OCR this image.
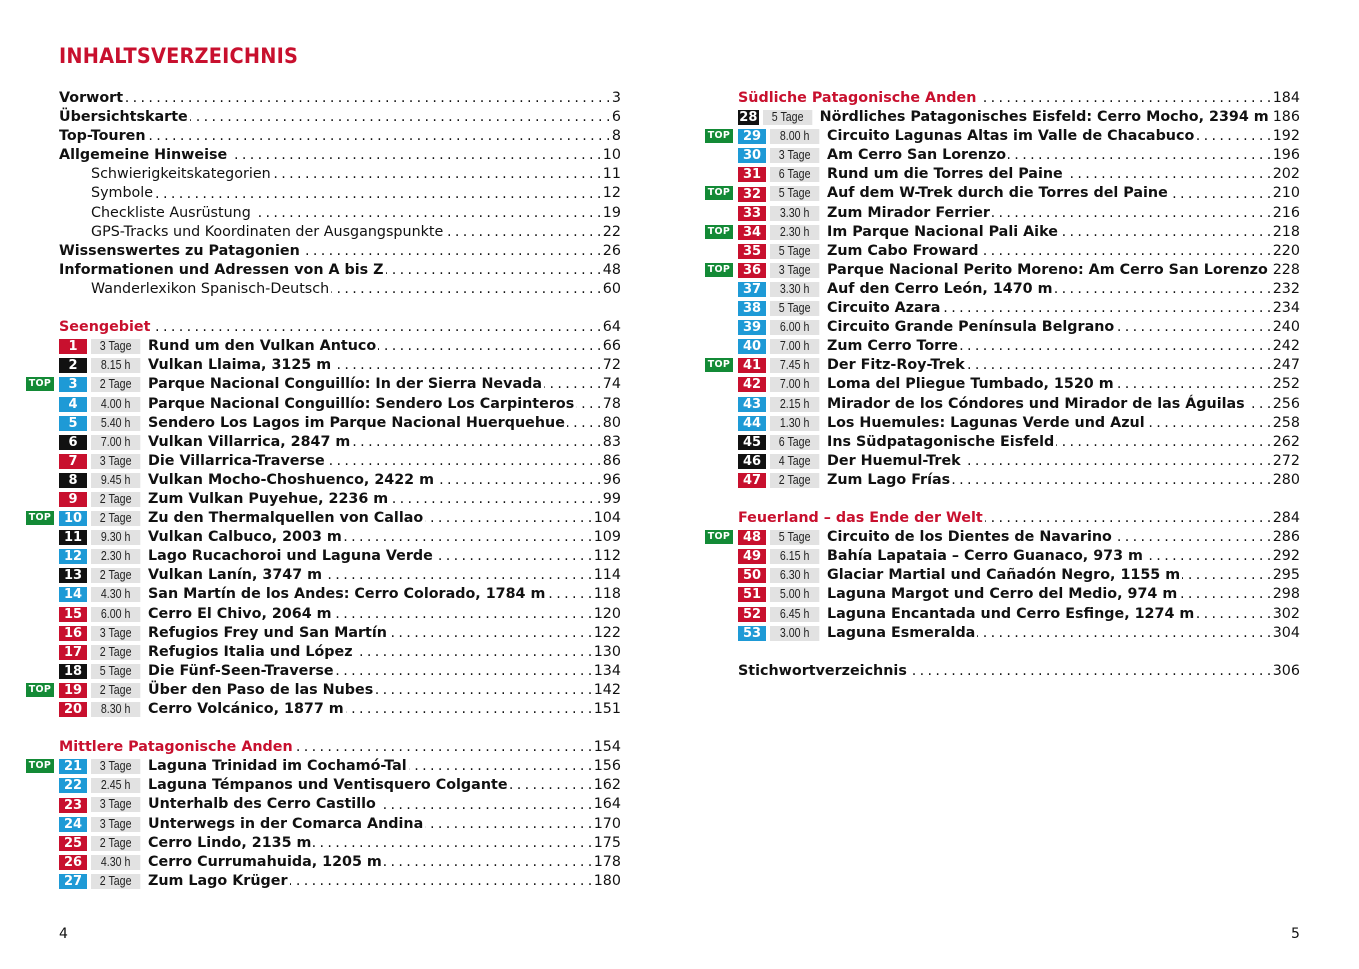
INHALTSVERZEICHNIS
Vorwort . . .	3
Übersichtskarte . . .	6
Top-Touren . . .	8
Allgemeine Hinweise . . .	10
Schwierigkeitskategorien . . .	11
Symbole . . .	12
Checkliste Ausrüstung . . .	19
GPS-Tracks und Koordinaten der Ausgangspunkte . . .	22
Wissenswertes zu Patagonien . . .	26
Informationen und Adressen von A bis Z . . .	48
Wanderlexikon Spanisch-Deutsch . . .	60
Seengebiet . . .	64
1	3 Tage	Rund um den Vulkan Antuco . . .	66
2	8.15 h	Vulkan Llaima, 3125 m . . .	72
TOP	3	2 Tage	Parque Nacional Conguillío: In der Sierra Nevada . . .	74
4	4.00 h	Parque Nacional Conguillío: Sendero Los Carpinteros . . . 78
5	5.40 h	Sendero Los Lagos im Parque Nacional Huerquehue . . .	80
6	7.00 h	Vulkan Villarrica, 2847 m . . .	83
7	3 Tage	Die Villarrica-Traverse . . .	86
8	9.45 h	Vulkan Mocho-Choshuenco, 2422 m . . .	96
9	2 Tage	Zum Vulkan Puyehue, 2236 m . . .	99
TOP 10	2 Tage	Zu den Thermalquellen von Callao . . .	104
11	9.30 h	Vulkan Calbuco, 2003 m . . .	109
12	2.30 h	Lago Rucachoroi und Laguna Verde . . .	112
13	2 Tage	Vulkan Lanín, 3747 m . . .	114
14	4.30 h	San Martín de los Andes: Cerro Colorado, 1784 m . . .	118
15	6.00 h	Cerro El Chivo, 2064 m . . .	120
16	3 Tage	Refugios Frey und San Martín . . .	122
17	2 Tage	Refugios Italia und López . . .	130
18	5 Tage	Die Fünf-Seen-Traverse . . .	134
TOP 19	2 Tage	Über den Paso de las Nubes . . .	142
20	8.30 h	Cerro Volcánico, 1877 m . . .	151
Mittlere Patagonische Anden . . .	154
TOP 21	3 Tage	Laguna Trinidad im Cochamó-Tal . . .	156
22	2.45 h	Laguna Témpanos und Ventisquero Colgante . . .	162
23	3 Tage	Unterhalb des Cerro Castillo . . .	164
24	3 Tage	Unterwegs in der Comarca Andina . . .	170
25	2 Tage	Cerro Lindo, 2135 m . . .	175
26	4.30 h	Cerro Currumahuida, 1205 m . . .	178
27	2 Tage	Zum Lago Krüger . . .	180
4
Südliche Patagonische Anden . . .	184
28	5 Tage	Nördliches Patagonisches Eisfeld: Cerro Mocho, 2394 m 186
TOP 29	8.00 h	Circuito Lagunas Altas im Valle de Chacabuco . . .	192
30	3 Tage	Am Cerro San Lorenzo . . .	196
31	6 Tage	Rund um die Torres del Paine . . .	202
TOP 32	5 Tage	Auf dem W-Trek durch die Torres del Paine . . .	210
33	3.30 h	Zum Mirador Ferrier . . .	216
TOP 34	2.30 h	Im Parque Nacional Pali Aike . . .	218
35	5 Tage	Zum Cabo Froward . . .	220
TOP 36	3 Tage	Parque Nacional Perito Moreno: Am Cerro San Lorenzo . . . 228
37	3.30 h	Auf den Cerro León, 1470 m . . .	232
38	5 Tage	Circuito Azara . . .	234
39	6.00 h	Circuito Grande Península Belgrano . . .	240
40	7.00 h	Zum Cerro Torre . . .	242
TOP 41	7.45 h	Der Fitz-Roy-Trek . . .	247
42	7.00 h	Loma del Pliegue Tumbado, 1520 m . . .	252
43	2.15 h	Mirador de los Cóndores und Mirador de las Águilas . . . 256
44	1.30 h	Los Huemules: Lagunas Verde und Azul . . .	258
45	6 Tage	Ins Südpatagonische Eisfeld . . .	262
46	4 Tage	Der Huemul-Trek . . .	272
47	2 Tage	Zum Lago Frías . . .	280
Feuerland – das Ende der Welt . . .	284
TOP 48	5 Tage	Circuito de los Dientes de Navarino . . .	286
49	6.15 h	Bahía Lapataia – Cerro Guanaco, 973 m . . .	292
50	6.30 h	Glaciar Martial und Cañadón Negro, 1155 m . . .	295
51	5.00 h	Laguna Margot und Cerro del Medio, 974 m . . .	298
52	6.45 h	Laguna Encantada und Cerro Esfinge, 1274 m . . .	302
53	3.00 h	Laguna Esmeralda . . .	304
Stichwortverzeichnis . . .	306
5
